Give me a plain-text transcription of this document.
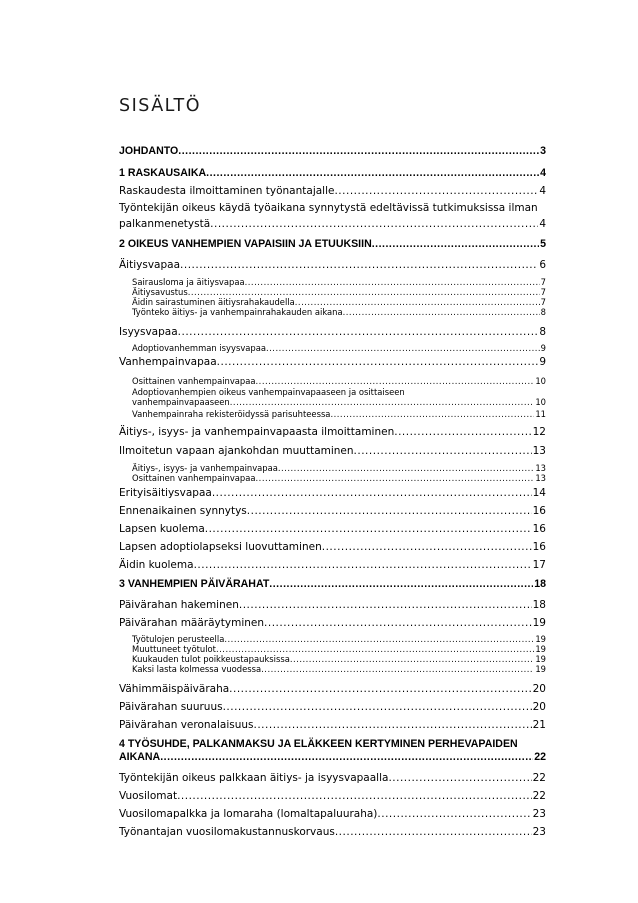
SISÄLTÖ
JOHDANTO .....	3
1 RASKAUSAIKA .....	4
Raskaudesta ilmoittaminen työnantajalle .....	4
Työntekijän oikeus käydä työaikana synnytystä edeltävissä tutkimuksissa ilman
palkanmenetystä .....	4
2 OIKEUS VANHEMPIEN VAPAISIIN JA ETUUKSIIN .....	5
Äitiysvapaa .....	6
Sairausloma ja äitiysvapaa .....	7
Äitiysavustus .....	7
Äidin sairastuminen äitiysrahakaudella .....	7
Työnteko äitiys- ja vanhempainrahakauden aikana .....	8
Isyysvapaa .....	8
Adoptiovanhemman isyysvapaa .....	9
Vanhempainvapaa .....	9
Osittainen vanhempainvapaa .....	10
Adoptiovanhempien oikeus vanhempainvapaaseen ja osittaiseen
vanhempainvapaaseen .....	10
Vanhempainraha rekisteröidyssä parisuhteessa .....	11
Äitiys-, isyys- ja vanhempainvapaasta ilmoittaminen .....	12
Ilmoitetun vapaan ajankohdan muuttaminen .....	13
Äitiys-, isyys- ja vanhempainvapaa .....	13
Osittainen vanhempainvapaa .....	13
Erityisäitiysvapaa .....	14
Ennenaikainen synnytys .....	16
Lapsen kuolema .....	16
Lapsen adoptiolapseksi luovuttaminen .....	16
Äidin kuolema .....	17
3 VANHEMPIEN PÄIVÄRAHAT .....	18
Päivärahan hakeminen .....	18
Päivärahan määräytyminen .....	19
Työtulojen perusteella .....	19
Muuttuneet työtulot .....	19
Kuukauden tulot poikkeustapauksissa .....	19
Kaksi lasta kolmessa vuodessa .....	19
Vähimmäispäiväraha .....	20
Päivärahan suuruus .....	20
Päivärahan veronalaisuus .....	21
4 TYÖSUHDE, PALKANMAKSU JA ELÄKKEEN KERTYMINEN PERHEVAPAIDEN
AIKANA .....	22
Työntekijän oikeus palkkaan äitiys- ja isyysvapaalla .....	22
Vuosilomat .....	22
Vuosilomapalkka ja lomaraha (lomaltapaluuraha) .....	23
Työnantajan vuosilomakustannuskorvaus .....	23
